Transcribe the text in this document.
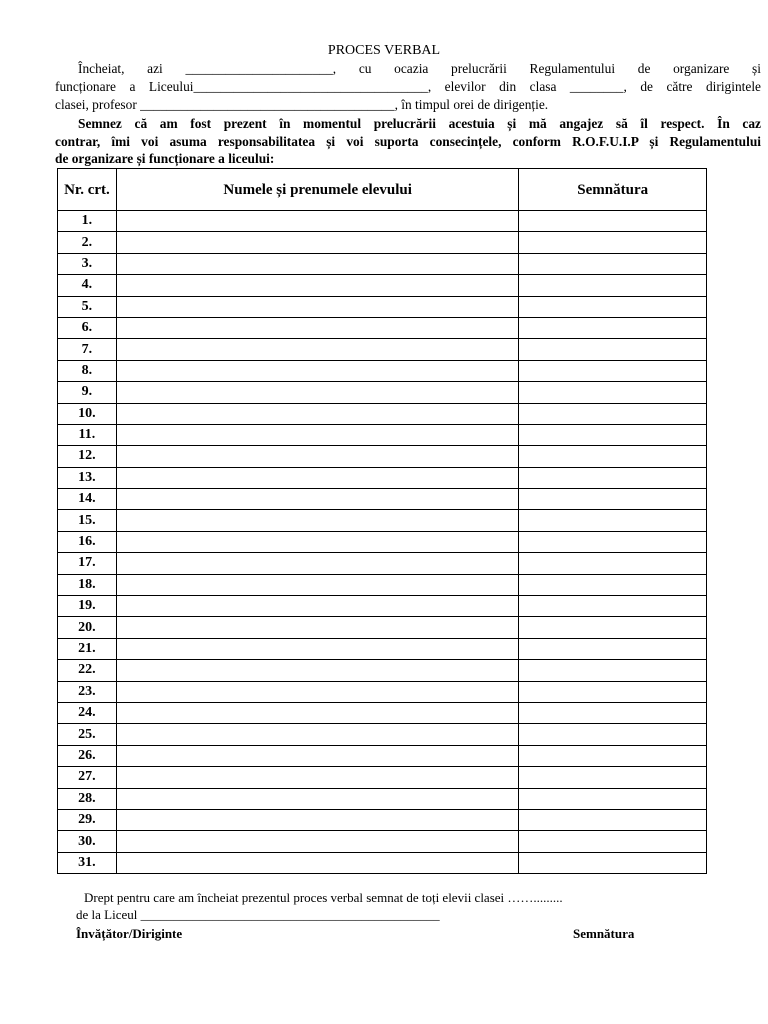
PROCES VERBAL
Încheiat, azi ______________________, cu ocazia prelucrării Regulamentului de organizare și
funcționare a Liceului___________________________________, elevilor din clasa ________, de către dirigintele
clasei, profesor ______________________________________, în timpul orei de dirigenție.
Semnez că am fost prezent în momentul prelucrării acestuia și mă angajez să îl respect. În caz
contrar, îmi voi asuma responsabilitatea și voi suporta consecințele, conform R.O.F.U.I.P și Regulamentului
de organizare și funcționare a liceului:
Nr. crt.	Numele și prenumele elevului	Semnătura
1.		
2.		
3.		
4.		
5.		
6.		
7.		
8.		
9.		
10.		
11.		
12.		
13.		
14.		
15.		
16.		
17.		
18.		
19.		
20.		
21.		
22.		
23.		
24.		
25.		
26.		
27.		
28.		
29.		
30.		
31.		
Drept pentru care am încheiat prezentul proces verbal semnat de toți elevii clasei …….........
de la Liceul ______________________________________________
Învățător/Diriginte	Semnătura
